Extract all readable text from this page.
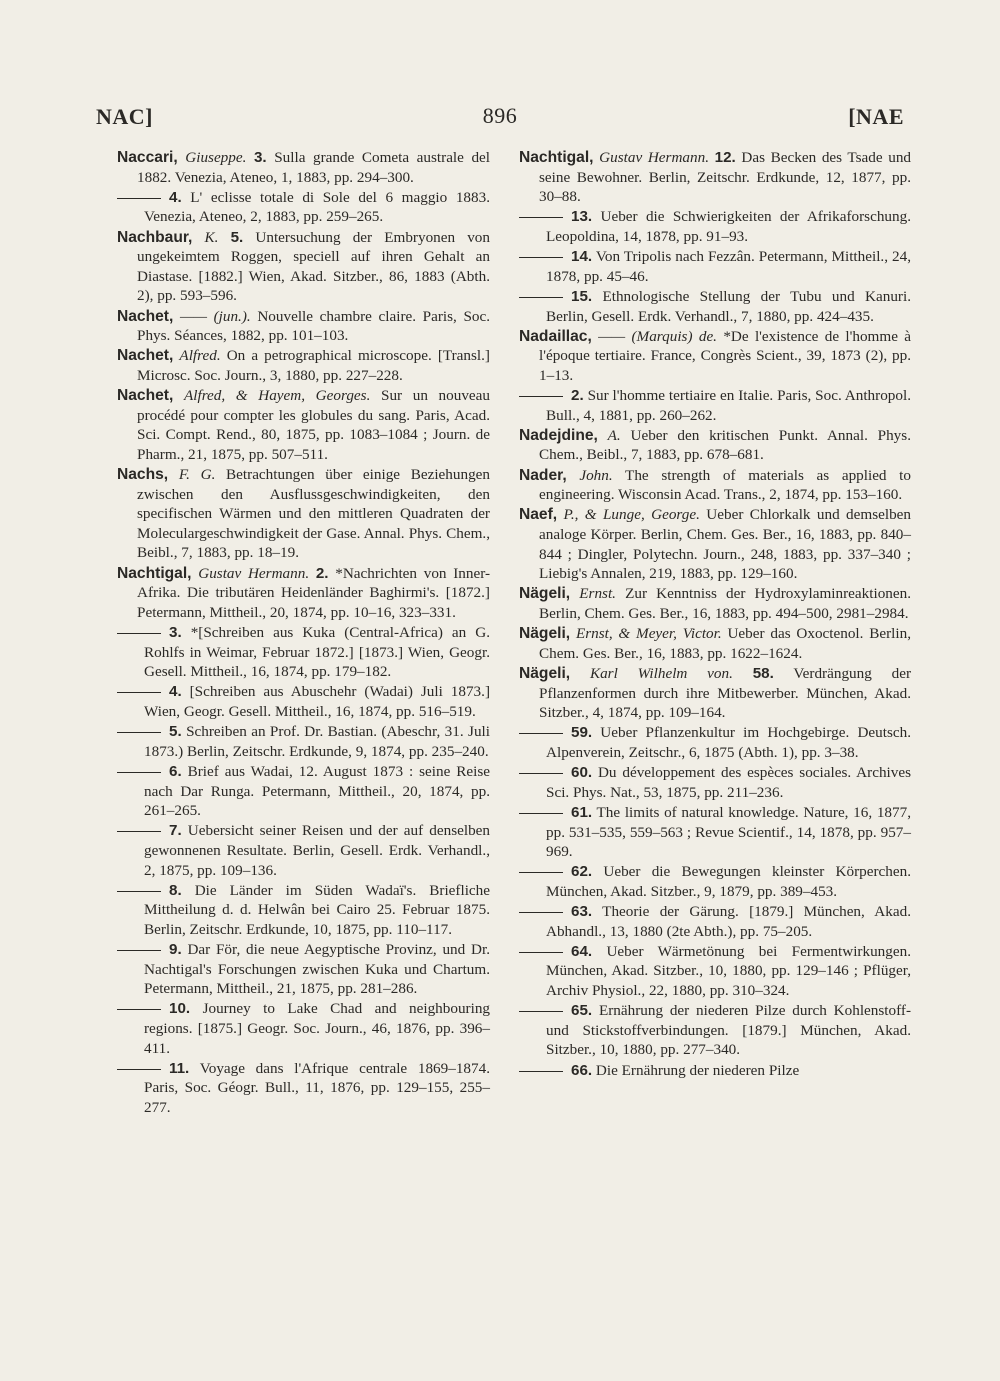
NAC]	896	[NAE

Naccari, Giuseppe. 3. Sulla grande Cometa australe del 1882. Venezia, Ateneo, 1, 1883, pp. 294–300.

4. L' eclisse totale di Sole del 6 maggio 1883. Venezia, Ateneo, 2, 1883, pp. 259–265.

Nachbaur, K. 5. Untersuchung der Embryonen von ungekeimtem Roggen, speciell auf ihren Gehalt an Diastase. [1882.] Wien, Akad. Sitzber., 86, 1883 (Abth. 2), pp. 593–596.

Nachet, —— (jun.). Nouvelle chambre claire. Paris, Soc. Phys. Séances, 1882, pp. 101–103.

Nachet, Alfred. On a petrographical microscope. [Transl.] Microsc. Soc. Journ., 3, 1880, pp. 227–228.

Nachet, Alfred, & Hayem, Georges. Sur un nouveau procédé pour compter les globules du sang. Paris, Acad. Sci. Compt. Rend., 80, 1875, pp. 1083–1084 ; Journ. de Pharm., 21, 1875, pp. 507–511.

Nachs, F. G. Betrachtungen über einige Beziehungen zwischen den Ausflussgeschwindigkeiten, den specifischen Wärmen und den mittleren Quadraten der Moleculargeschwindigkeit der Gase. Annal. Phys. Chem., Beibl., 7, 1883, pp. 18–19.

Nachtigal, Gustav Hermann. 2. *Nachrichten von Inner-Afrika. Die tributären Heidenländer Baghirmi's. [1872.] Petermann, Mittheil., 20, 1874, pp. 10–16, 323–331.

3. *[Schreiben aus Kuka (Central-Africa) an G. Rohlfs in Weimar, Februar 1872.] [1873.] Wien, Geogr. Gesell. Mittheil., 16, 1874, pp. 179–182.

4. [Schreiben aus Abuschehr (Wadai) Juli 1873.] Wien, Geogr. Gesell. Mittheil., 16, 1874, pp. 516–519.

5. Schreiben an Prof. Dr. Bastian. (Abeschr, 31. Juli 1873.) Berlin, Zeitschr. Erdkunde, 9, 1874, pp. 235–240.

6. Brief aus Wadai, 12. August 1873 : seine Reise nach Dar Runga. Petermann, Mittheil., 20, 1874, pp. 261–265.

7. Uebersicht seiner Reisen und der auf denselben gewonnenen Resultate. Berlin, Gesell. Erdk. Verhandl., 2, 1875, pp. 109–136.

8. Die Länder im Süden Wadaï's. Briefliche Mittheilung d. d. Helwân bei Cairo 25. Februar 1875. Berlin, Zeitschr. Erdkunde, 10, 1875, pp. 110–117.

9. Dar För, die neue Aegyptische Provinz, und Dr. Nachtigal's Forschungen zwischen Kuka und Chartum. Petermann, Mittheil., 21, 1875, pp. 281–286.

10. Journey to Lake Chad and neighbouring regions. [1875.] Geogr. Soc. Journ., 46, 1876, pp. 396–411.

11. Voyage dans l'Afrique centrale 1869–1874. Paris, Soc. Géogr. Bull., 11, 1876, pp. 129–155, 255–277.

Nachtigal, Gustav Hermann. 12. Das Becken des Tsade und seine Bewohner. Berlin, Zeitschr. Erdkunde, 12, 1877, pp. 30–88.

13. Ueber die Schwierigkeiten der Afrikaforschung. Leopoldina, 14, 1878, pp. 91–93.

14. Von Tripolis nach Fezzân. Petermann, Mittheil., 24, 1878, pp. 45–46.

15. Ethnologische Stellung der Tubu und Kanuri. Berlin, Gesell. Erdk. Verhandl., 7, 1880, pp. 424–435.

Nadaillac, —— (Marquis) de. *De l'existence de l'homme à l'époque tertiaire. France, Congrès Scient., 39, 1873 (2), pp. 1–13.

2. Sur l'homme tertiaire en Italie. Paris, Soc. Anthropol. Bull., 4, 1881, pp. 260–262.

Nadejdine, A. Ueber den kritischen Punkt. Annal. Phys. Chem., Beibl., 7, 1883, pp. 678–681.

Nader, John. The strength of materials as applied to engineering. Wisconsin Acad. Trans., 2, 1874, pp. 153–160.

Naef, P., & Lunge, George. Ueber Chlorkalk und demselben analoge Körper. Berlin, Chem. Ges. Ber., 16, 1883, pp. 840–844 ; Dingler, Polytechn. Journ., 248, 1883, pp. 337–340 ; Liebig's Annalen, 219, 1883, pp. 129–160.

Nägeli, Ernst. Zur Kenntniss der Hydroxylaminreaktionen. Berlin, Chem. Ges. Ber., 16, 1883, pp. 494–500, 2981–2984.

Nägeli, Ernst, & Meyer, Victor. Ueber das Oxoctenol. Berlin, Chem. Ges. Ber., 16, 1883, pp. 1622–1624.

Nägeli, Karl Wilhelm von. 58. Verdrängung der Pflanzenformen durch ihre Mitbewerber. München, Akad. Sitzber., 4, 1874, pp. 109–164.

59. Ueber Pflanzenkultur im Hochgebirge. Deutsch. Alpenverein, Zeitschr., 6, 1875 (Abth. 1), pp. 3–38.

60. Du développement des espèces sociales. Archives Sci. Phys. Nat., 53, 1875, pp. 211–236.

61. The limits of natural knowledge. Nature, 16, 1877, pp. 531–535, 559–563 ; Revue Scientif., 14, 1878, pp. 957–969.

62. Ueber die Bewegungen kleinster Körperchen. München, Akad. Sitzber., 9, 1879, pp. 389–453.

63. Theorie der Gärung. [1879.] München, Akad. Abhandl., 13, 1880 (2te Abth.), pp. 75–205.

64. Ueber Wärmetönung bei Fermentwirkungen. München, Akad. Sitzber., 10, 1880, pp. 129–146 ; Pflüger, Archiv Physiol., 22, 1880, pp. 310–324.

65. Ernährung der niederen Pilze durch Kohlenstoff- und Stickstoffverbindungen. [1879.] München, Akad. Sitzber., 10, 1880, pp. 277–340.

66. Die Ernährung der niederen Pilze
